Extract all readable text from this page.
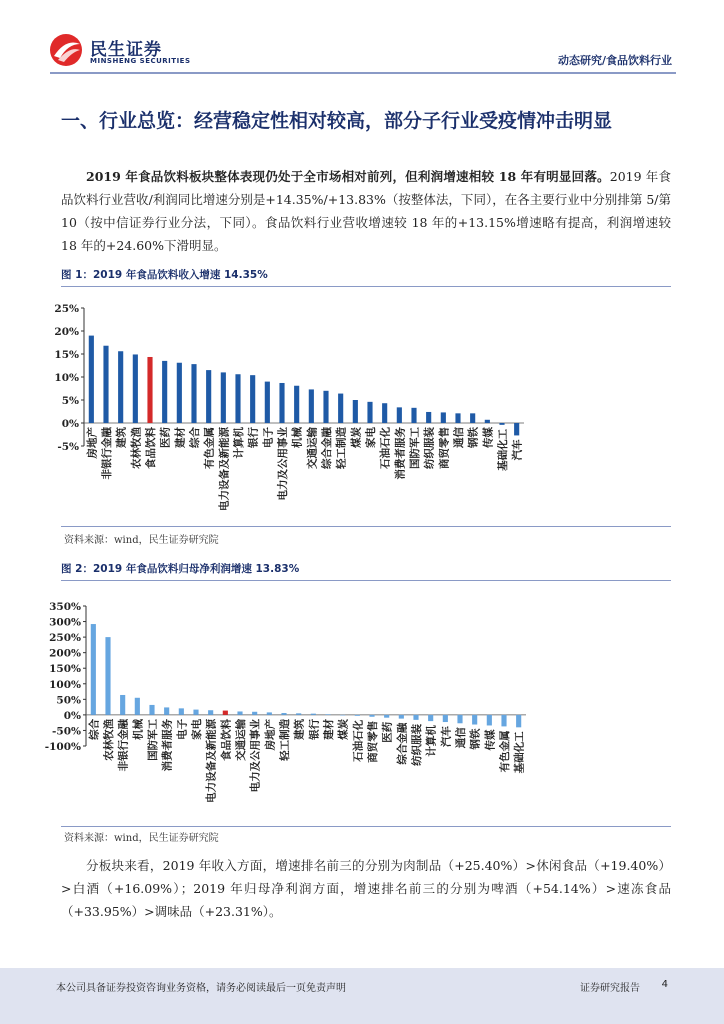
民生证券
MINSHENG SECURITIES	动态研究/食品饮料行业
一、行业总览：经营稳定性相对较高，部分子行业受疫情冲击明显
2019 年食品饮料板块整体表现仍处于全市场相对前列，但利润增速相较 18 年有明显回落。2019 年食品饮料行业营收/利润同比增速分别是+14.35%/+13.83%（按整体法，下同），在各主要行业中分别排第 5/第 10（按中信证券行业分法，下同）。食品饮料行业营收增速较 18 年的+13.15%增速略有提高，利润增速较 18 年的+24.60%下滑明显。
图 1：2019 年食品饮料收入增速 14.35%
25%
20%
15%
10%
5%
0%
-5% 房地产 非银行金融 建筑 农林牧渔 食品饮料 医药 建材 综合 有色金属 电力设备及新能源 计算机 银行 电子 电力及公用事业 机械 交通运输 综合金融 轻工制造 煤炭 家电 石油石化 消费者服务 国防军工 纺织服装 商贸零售 通信 钢铁 传媒 基础化工 汽车
资料来源：wind，民生证券研究院
图 2：2019 年食品饮料归母净利润增速 13.83%
350%
300%
250%
200%
150%
100%
50%
0%
-50%
-100%
综合 农林牧渔 非银行金融 机械 国防军工 消费者服务 电子 家电 电力设备及新能源 食品饮料 交通运输 电力及公用事业 房地产 轻工制造 建筑 银行 建材 煤炭 石油石化 商贸零售 医药 综合金融 纺织服装 计算机 汽车 通信 钢铁 传媒 有色金属 基础化工
资料来源：wind，民生证券研究院
分板块来看，2019 年收入方面，增速排名前三的分别为肉制品（+25.40%）>休闲食品（+19.40%）>白酒（+16.09%）；2019 年归母净利润方面，增速排名前三的分别为啤酒（+54.14%）>速冻食品（+33.95%）>调味品（+23.31%）。
本公司具备证券投资咨询业务资格，请务必阅读最后一页免责声明	证券研究报告 4
